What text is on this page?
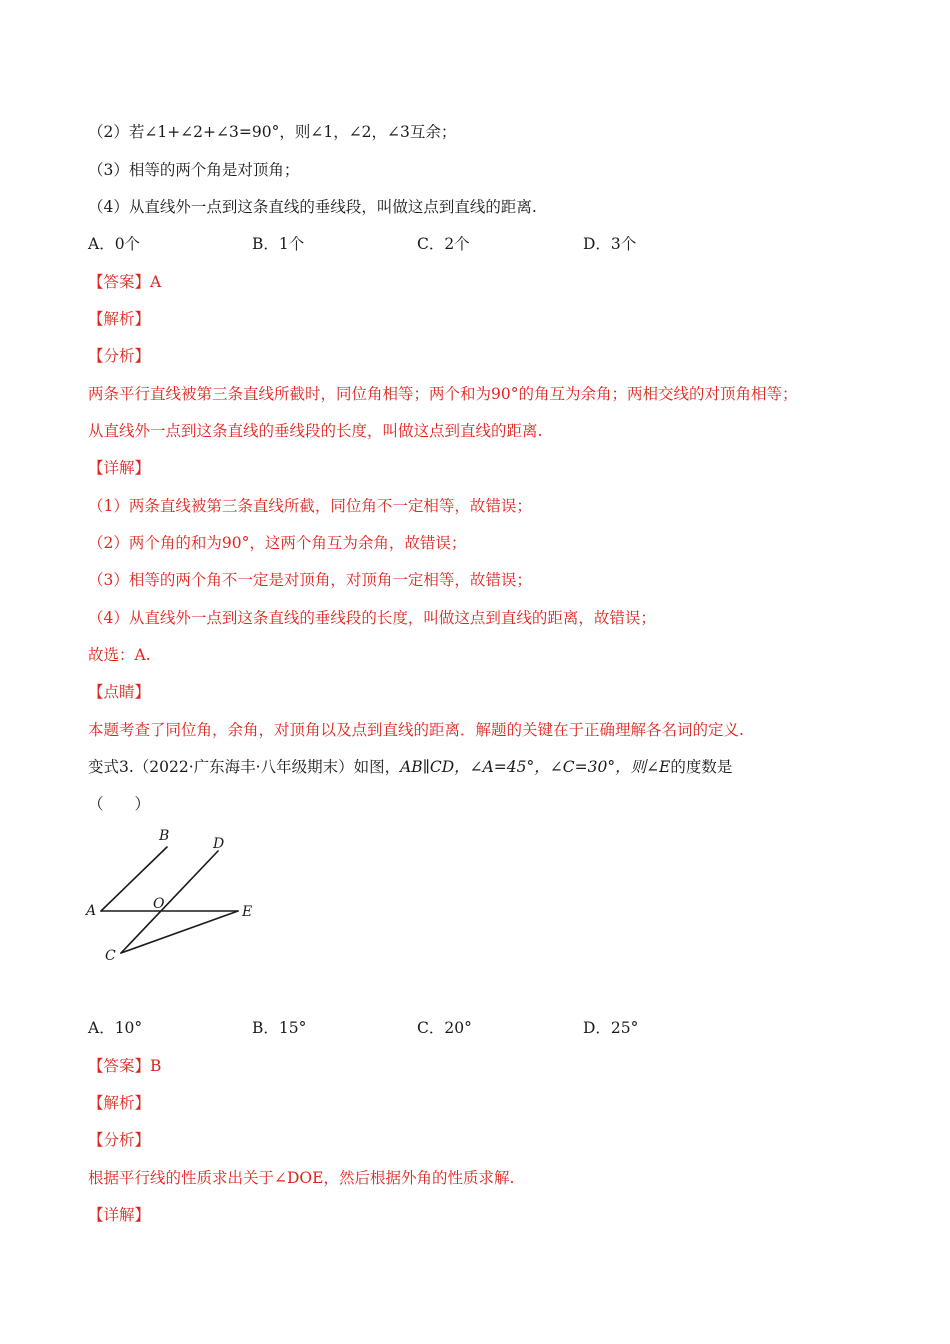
（2）若∠1+∠2+∠3=90°，则∠1，∠2，∠3互余；
（3）相等的两个角是对顶角；
（4）从直线外一点到这条直线的垂线段，叫做这点到直线的距离.
A．0个	B．1个	C．2个	D．3个
【答案】A
【解析】
【分析】
两条平行直线被第三条直线所截时，同位角相等；两个和为90°的角互为余角；两相交线的对顶角相等；
从直线外一点到这条直线的垂线段的长度，叫做这点到直线的距离.
【详解】
（1）两条直线被第三条直线所截，同位角不一定相等，故错误；
（2）两个角的和为90°，这两个角互为余角，故错误；
（3）相等的两个角不一定是对顶角，对顶角一定相等，故错误；
（4）从直线外一点到这条直线的垂线段的长度，叫做这点到直线的距离，故错误；
故选：A.
【点睛】
本题考查了同位角，余角，对顶角以及点到直线的距离．解题的关键在于正确理解各名词的定义.
变式3.（2022·广东海丰·八年级期末）如图，AB∥CD，∠A=45°，∠C=30°，则∠E的度数是
（　　）
B	D
A	O	E
C
A．10°	B．15°	C．20°	D．25°
【答案】B
【解析】
【分析】
根据平行线的性质求出关于∠DOE，然后根据外角的性质求解.
【详解】
